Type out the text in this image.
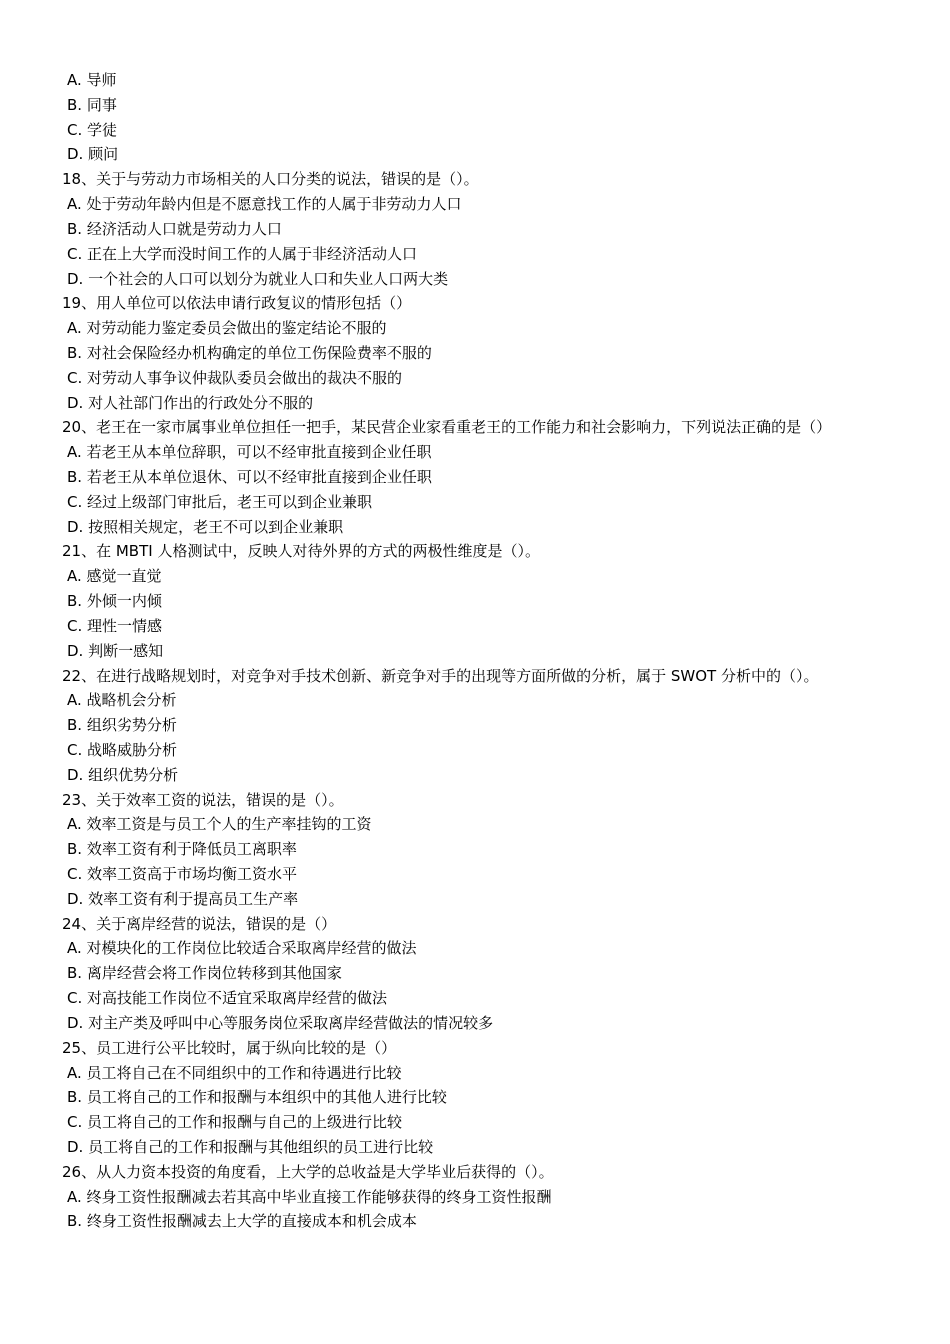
A. 导师
B. 同事
C. 学徒
D. 顾问
18、关于与劳动力市场相关的人口分类的说法，错误的是（）。
A. 处于劳动年龄内但是不愿意找工作的人属于非劳动力人口
B. 经济活动人口就是劳动力人口
C. 正在上大学而没时间工作的人属于非经济活动人口
D. 一个社会的人口可以划分为就业人口和失业人口两大类
19、用人单位可以依法申请行政复议的情形包括（）
A. 对劳动能力鉴定委员会做出的鉴定结论不服的
B. 对社会保险经办机构确定的单位工伤保险费率不服的
C. 对劳动人事争议仲裁队委员会做出的裁决不服的
D. 对人社部门作出的行政处分不服的
20、老王在一家市属事业单位担任一把手，某民营企业家看重老王的工作能力和社会影响力，下列说法正确的是（）
A. 若老王从本单位辞职，可以不经审批直接到企业任职
B. 若老王从本单位退休、可以不经审批直接到企业任职
C. 经过上级部门审批后，老王可以到企业兼职
D. 按照相关规定，老王不可以到企业兼职
21、在 MBTI 人格测试中，反映人对待外界的方式的两极性维度是（）。
A. 感觉一直觉
B. 外倾一内倾
C. 理性一情感
D. 判断一感知
22、在进行战略规划时，对竞争对手技术创新、新竞争对手的出现等方面所做的分析，属于 SWOT 分析中的（）。
A. 战略机会分析
B. 组织劣势分析
C. 战略威胁分析
D. 组织优势分析
23、关于效率工资的说法，错误的是（）。
A. 效率工资是与员工个人的生产率挂钩的工资
B. 效率工资有利于降低员工离职率
C. 效率工资高于市场均衡工资水平
D. 效率工资有利于提高员工生产率
24、关于离岸经营的说法，错误的是（）
A. 对模块化的工作岗位比较适合采取离岸经营的做法
B. 离岸经营会将工作岗位转移到其他国家
C. 对高技能工作岗位不适宜采取离岸经营的做法
D. 对主产类及呼叫中心等服务岗位采取离岸经营做法的情况较多
25、员工进行公平比较时，属于纵向比较的是（）
A. 员工将自己在不同组织中的工作和待遇进行比较
B. 员工将自己的工作和报酬与本组织中的其他人进行比较
C. 员工将自己的工作和报酬与自己的上级进行比较
D. 员工将自己的工作和报酬与其他组织的员工进行比较
26、从人力资本投资的角度看，上大学的总收益是大学毕业后获得的（）。
A. 终身工资性报酬减去若其高中毕业直接工作能够获得的终身工资性报酬
B. 终身工资性报酬减去上大学的直接成本和机会成本
